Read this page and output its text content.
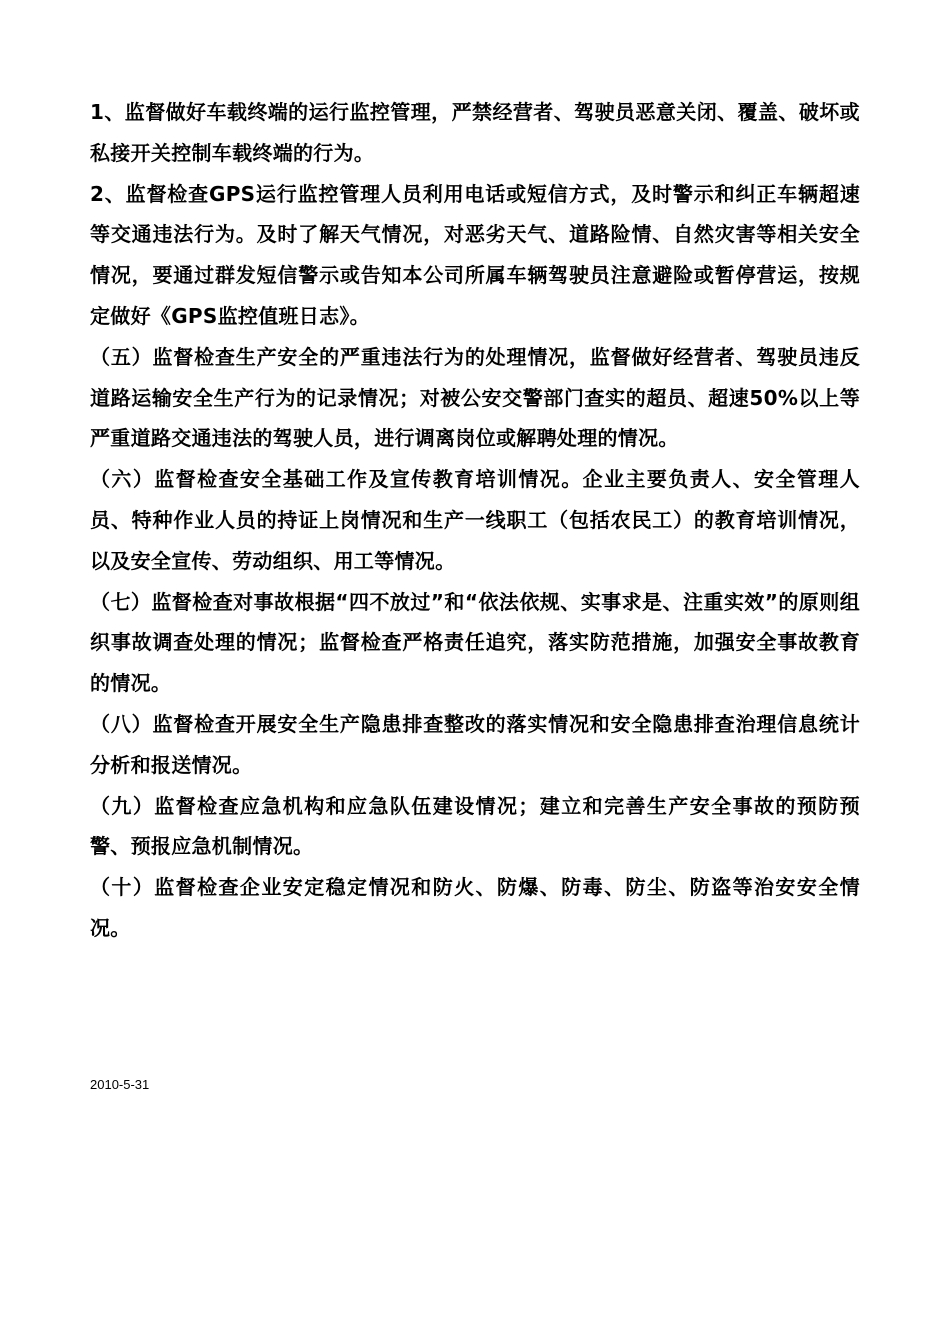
1、监督做好车载终端的运行监控管理，严禁经营者、驾驶员恶意关闭、覆盖、破坏或私接开关控制车载终端的行为。

2、监督检查GPS运行监控管理人员利用电话或短信方式，及时警示和纠正车辆超速等交通违法行为。及时了解天气情况，对恶劣天气、道路险情、自然灾害等相关安全情况，要通过群发短信警示或告知本公司所属车辆驾驶员注意避险或暂停营运，按规定做好《GPS监控值班日志》。

（五）监督检查生产安全的严重违法行为的处理情况，监督做好经营者、驾驶员违反道路运输安全生产行为的记录情况；对被公安交警部门查实的超员、超速50%以上等严重道路交通违法的驾驶人员，进行调离岗位或解聘处理的情况。

（六）监督检查安全基础工作及宣传教育培训情况。企业主要负责人、安全管理人员、特种作业人员的持证上岗情况和生产一线职工（包括农民工）的教育培训情况，以及安全宣传、劳动组织、用工等情况。

（七）监督检查对事故根据“四不放过”和“依法依规、实事求是、注重实效”的原则组织事故调查处理的情况；监督检查严格责任追究，落实防范措施，加强安全事故教育的情况。

（八）监督检查开展安全生产隐患排查整改的落实情况和安全隐患排查治理信息统计分析和报送情况。

（九）监督检查应急机构和应急队伍建设情况；建立和完善生产安全事故的预防预警、预报应急机制情况。

（十）监督检查企业安定稳定情况和防火、防爆、防毒、防尘、防盗等治安安全情况。

2010-5-31
